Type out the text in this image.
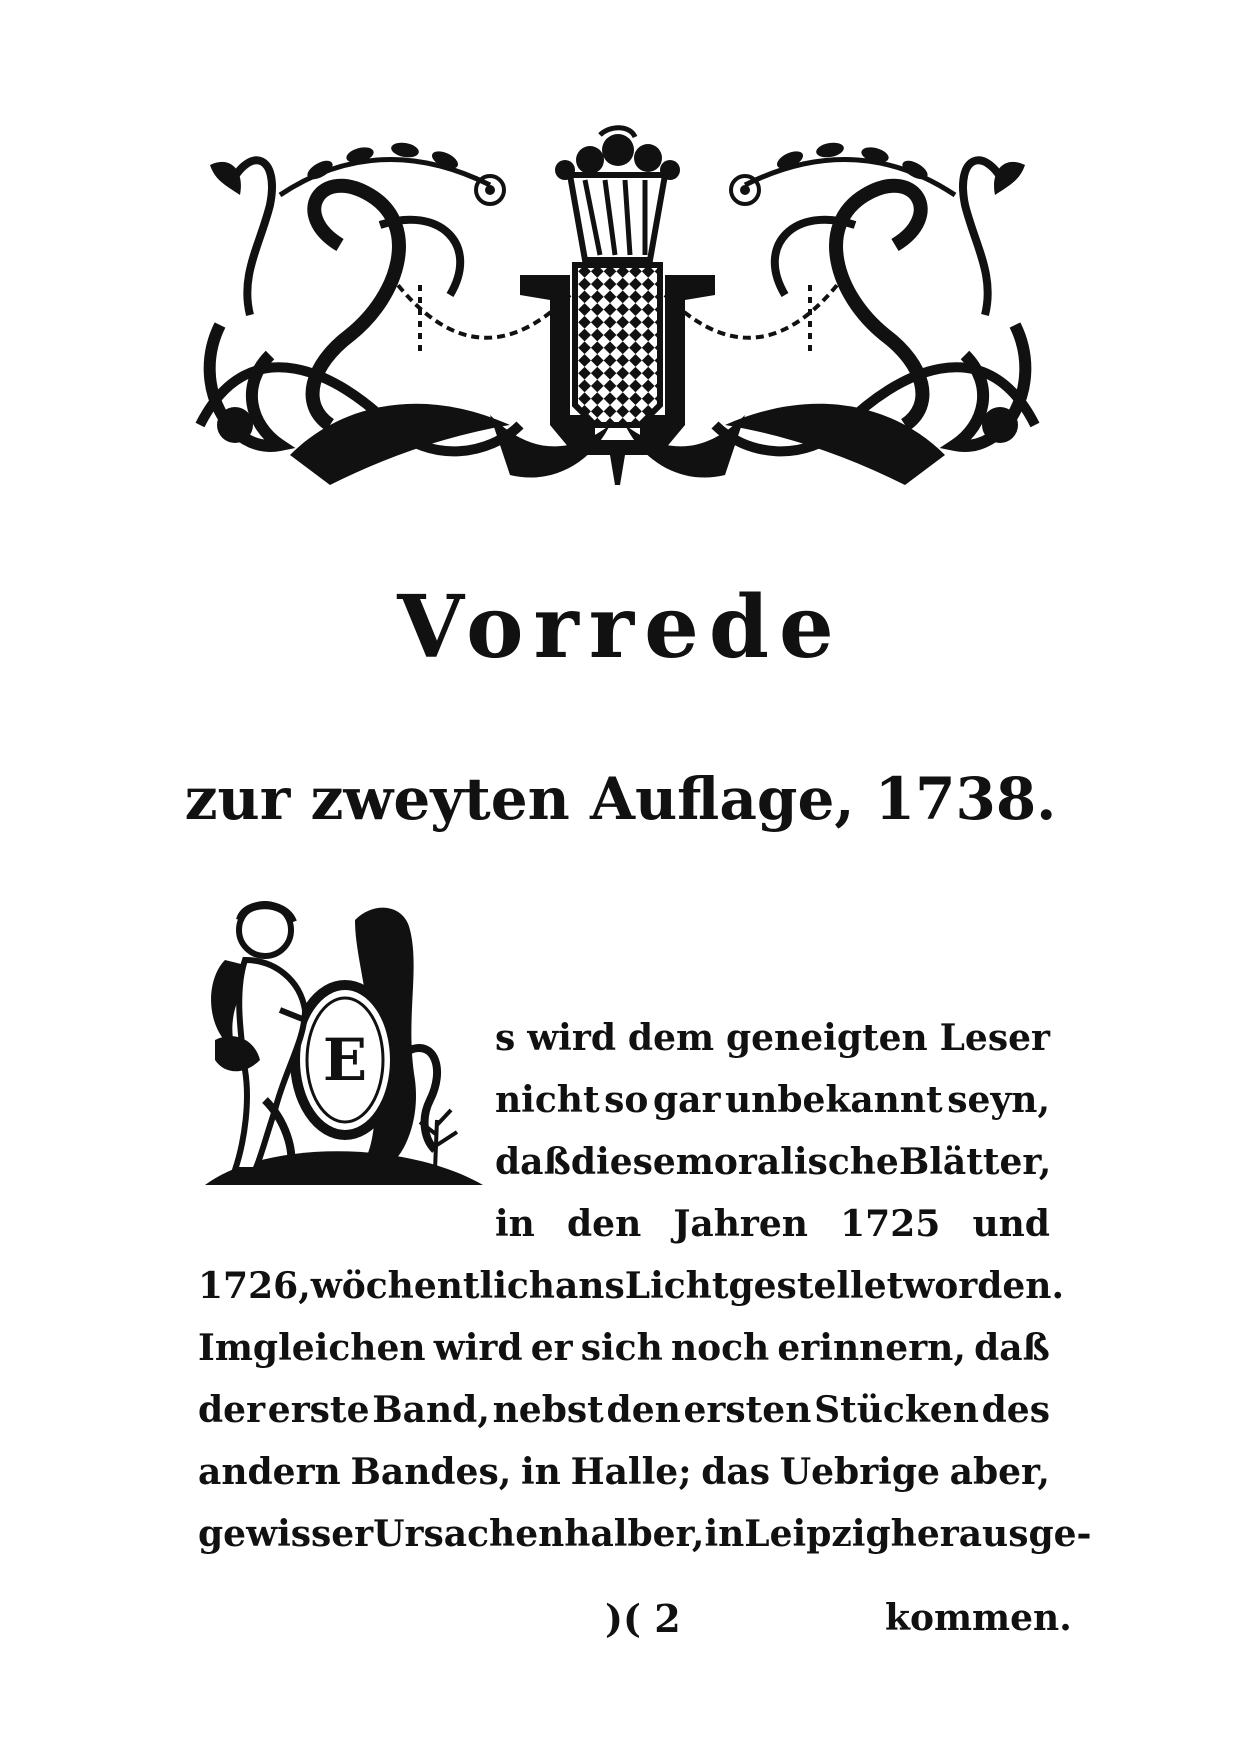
Vorrede
zur zweyten Auflage, 1738.
E	s wird dem geneigten Leser
nicht so gar unbekannt seyn,
daß diese moralische Blätter,
in den Jahren 1725 und
1726, wöchentlich ans Licht gestellet worden.
Imgleichen wird er sich noch erinnern, daß
der erste Band, nebst den ersten Stücken des
andern Bandes, in Halle; das Uebrige aber,
gewisser Ursachen halber, in Leipzig herausge-
)( 2	kommen.
